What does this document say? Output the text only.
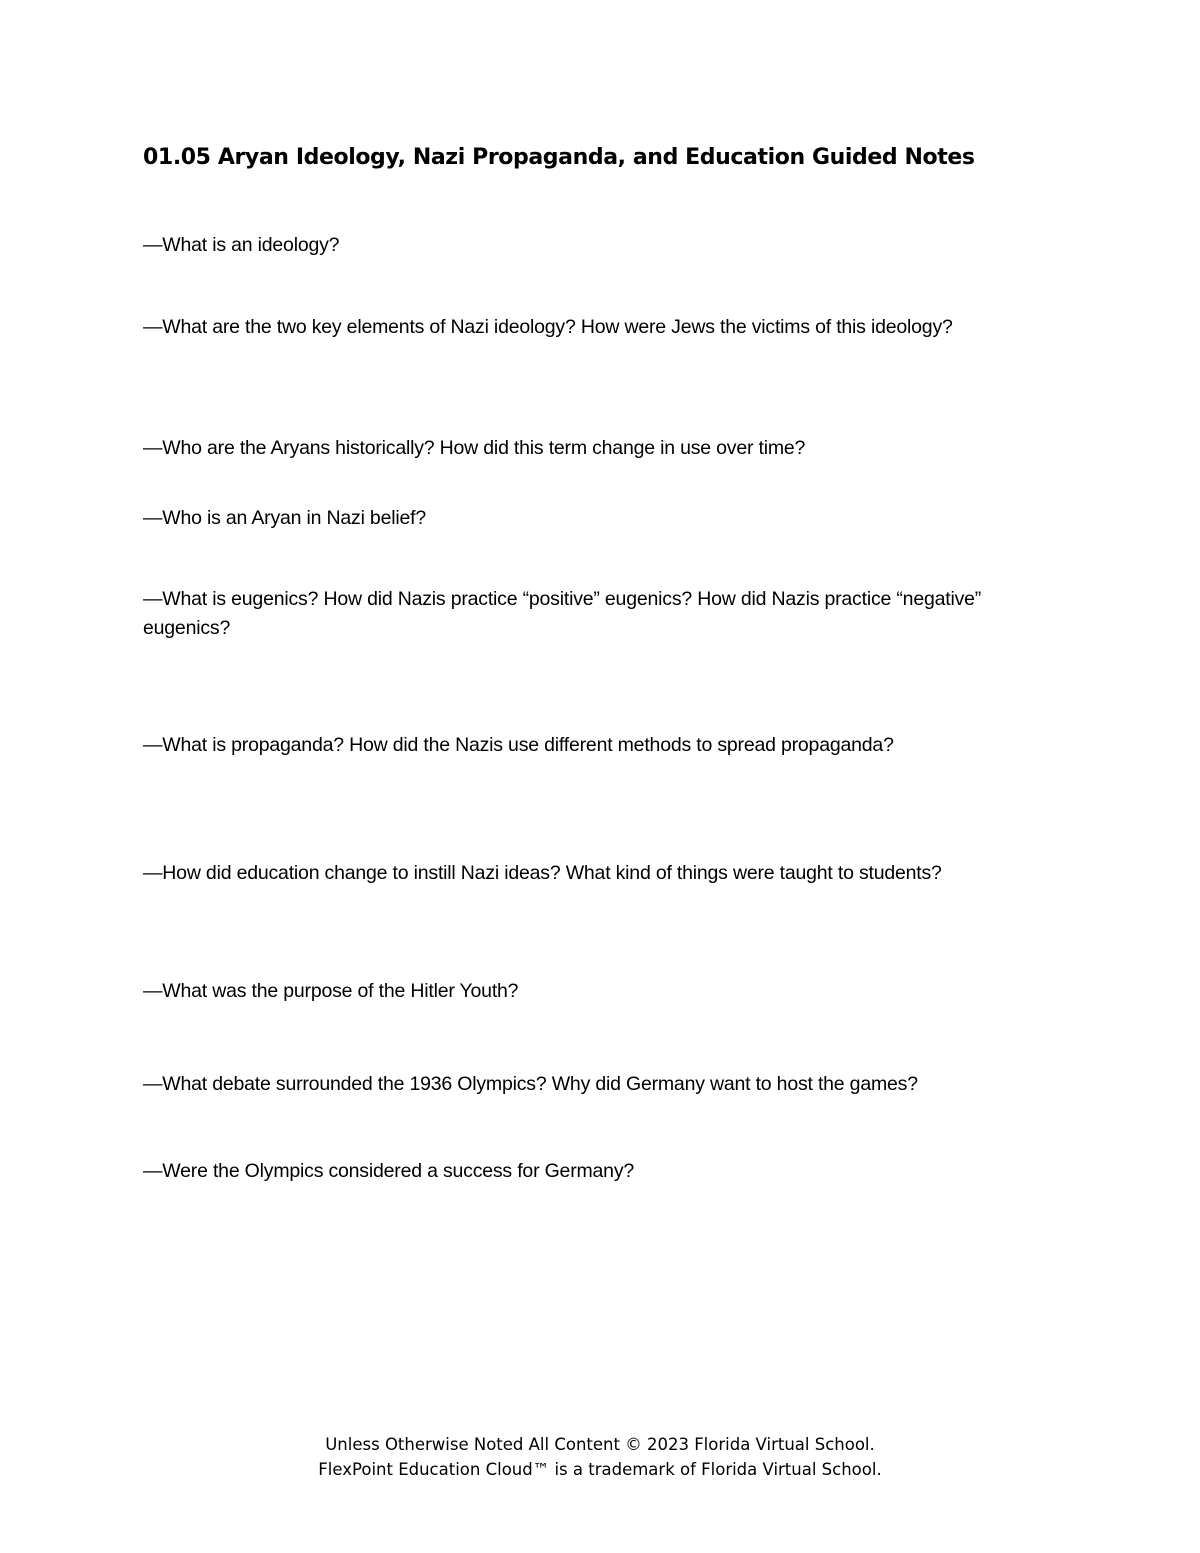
01.05 Aryan Ideology, Nazi Propaganda, and Education Guided Notes

—What is an ideology?

—What are the two key elements of Nazi ideology? How were Jews the victims of this ideology?

—Who are the Aryans historically? How did this term change in use over time?

—Who is an Aryan in Nazi belief?

—What is eugenics? How did Nazis practice “positive” eugenics? How did Nazis practice “negative” eugenics?

—What is propaganda? How did the Nazis use different methods to spread propaganda?

—How did education change to instill Nazi ideas? What kind of things were taught to students?

—What was the purpose of the Hitler Youth?

—What debate surrounded the 1936 Olympics? Why did Germany want to host the games?

—Were the Olympics considered a success for Germany?

Unless Otherwise Noted All Content © 2023 Florida Virtual School.
FlexPoint Education Cloud™ is a trademark of Florida Virtual School.
